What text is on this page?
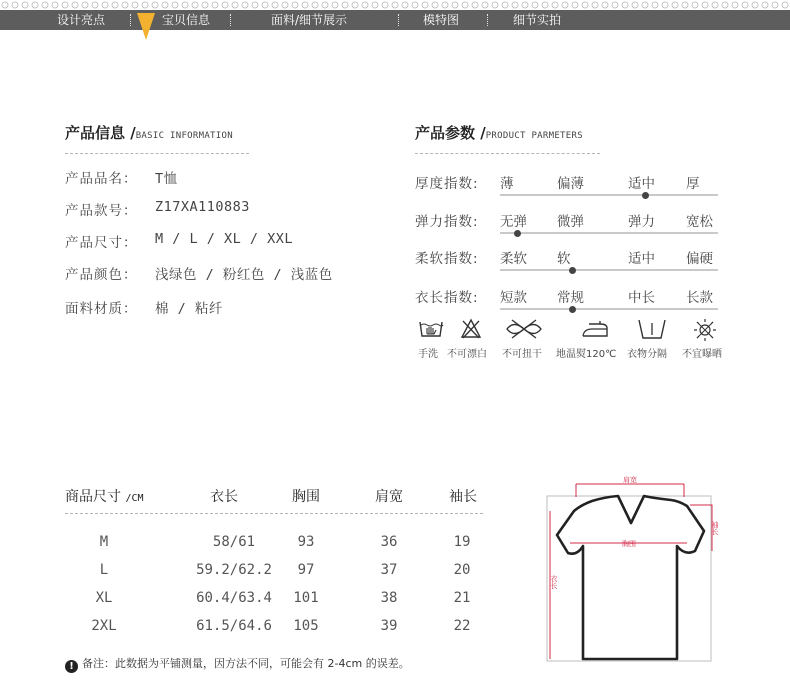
设计亮点	宝贝信息	面料/细节展示	模特图	细节实拍
产品信息 /BASIC INFORMATION
产品品名： T恤
产品款号： Z17XA110883
产品尺寸： M / L / XL / XXL
产品颜色： 浅绿色 / 粉红色 / 浅蓝色
面料材质： 棉 / 粘纤
产品参数 /PRODUCT PARMETERS
厚度指数: 薄	偏薄	适中 厚
弹力指数: 无弹 微弹	弹力 宽松
柔软指数: 柔软 软	适中 偏硬
衣长指数: 短款 常规	中长 长款
手洗 不可漂白 不可扭干 地温熨120℃ 衣物分隔 不宜曝晒
商品尺寸 /CM	衣长	胸围	肩宽	袖长
M	58/61	93	36	19
L	59.2/62.2	97	37	20
XL	60.4/63.4	101	38	21
2XL	61.5/64.6	105	39	22
! 备注：此数据为平铺测量，因方法不同，可能会有 2-4cm 的误差。
肩宽
胸围
袖长
衣长
